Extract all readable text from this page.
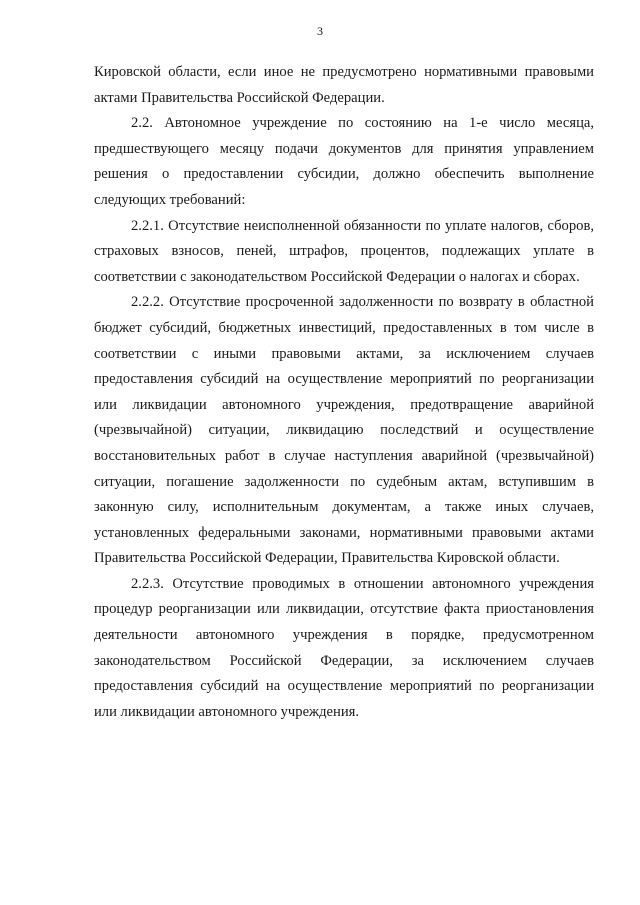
3

Кировской области, если иное не предусмотрено нормативными правовыми актами Правительства Российской Федерации.

2.2. Автономное учреждение по состоянию на 1-е число месяца, предшествующего месяцу подачи документов для принятия управлением решения о предоставлении субсидии, должно обеспечить выполнение следующих требований:

2.2.1. Отсутствие неисполненной обязанности по уплате налогов, сборов, страховых взносов, пеней, штрафов, процентов, подлежащих уплате в соответствии с законодательством Российской Федерации о налогах и сборах.

2.2.2. Отсутствие просроченной задолженности по возврату в областной бюджет субсидий, бюджетных инвестиций, предоставленных в том числе в соответствии с иными правовыми актами, за исключением случаев предоставления субсидий на осуществление мероприятий по реорганизации или ликвидации автономного учреждения, предотвращение аварийной (чрезвычайной) ситуации, ликвидацию последствий и осуществление восстановительных работ в случае наступления аварийной (чрезвычайной) ситуации, погашение задолженности по судебным актам, вступившим в законную силу, исполнительным документам, а также иных случаев, установленных федеральными законами, нормативными правовыми актами Правительства Российской Федерации, Правительства Кировской области.

2.2.3. Отсутствие проводимых в отношении автономного учреждения процедур реорганизации или ликвидации, отсутствие факта приостановления деятельности автономного учреждения в порядке, предусмотренном законодательством Российской Федерации, за исключением случаев предоставления субсидий на осуществление мероприятий по реорганизации или ликвидации автономного учреждения.
